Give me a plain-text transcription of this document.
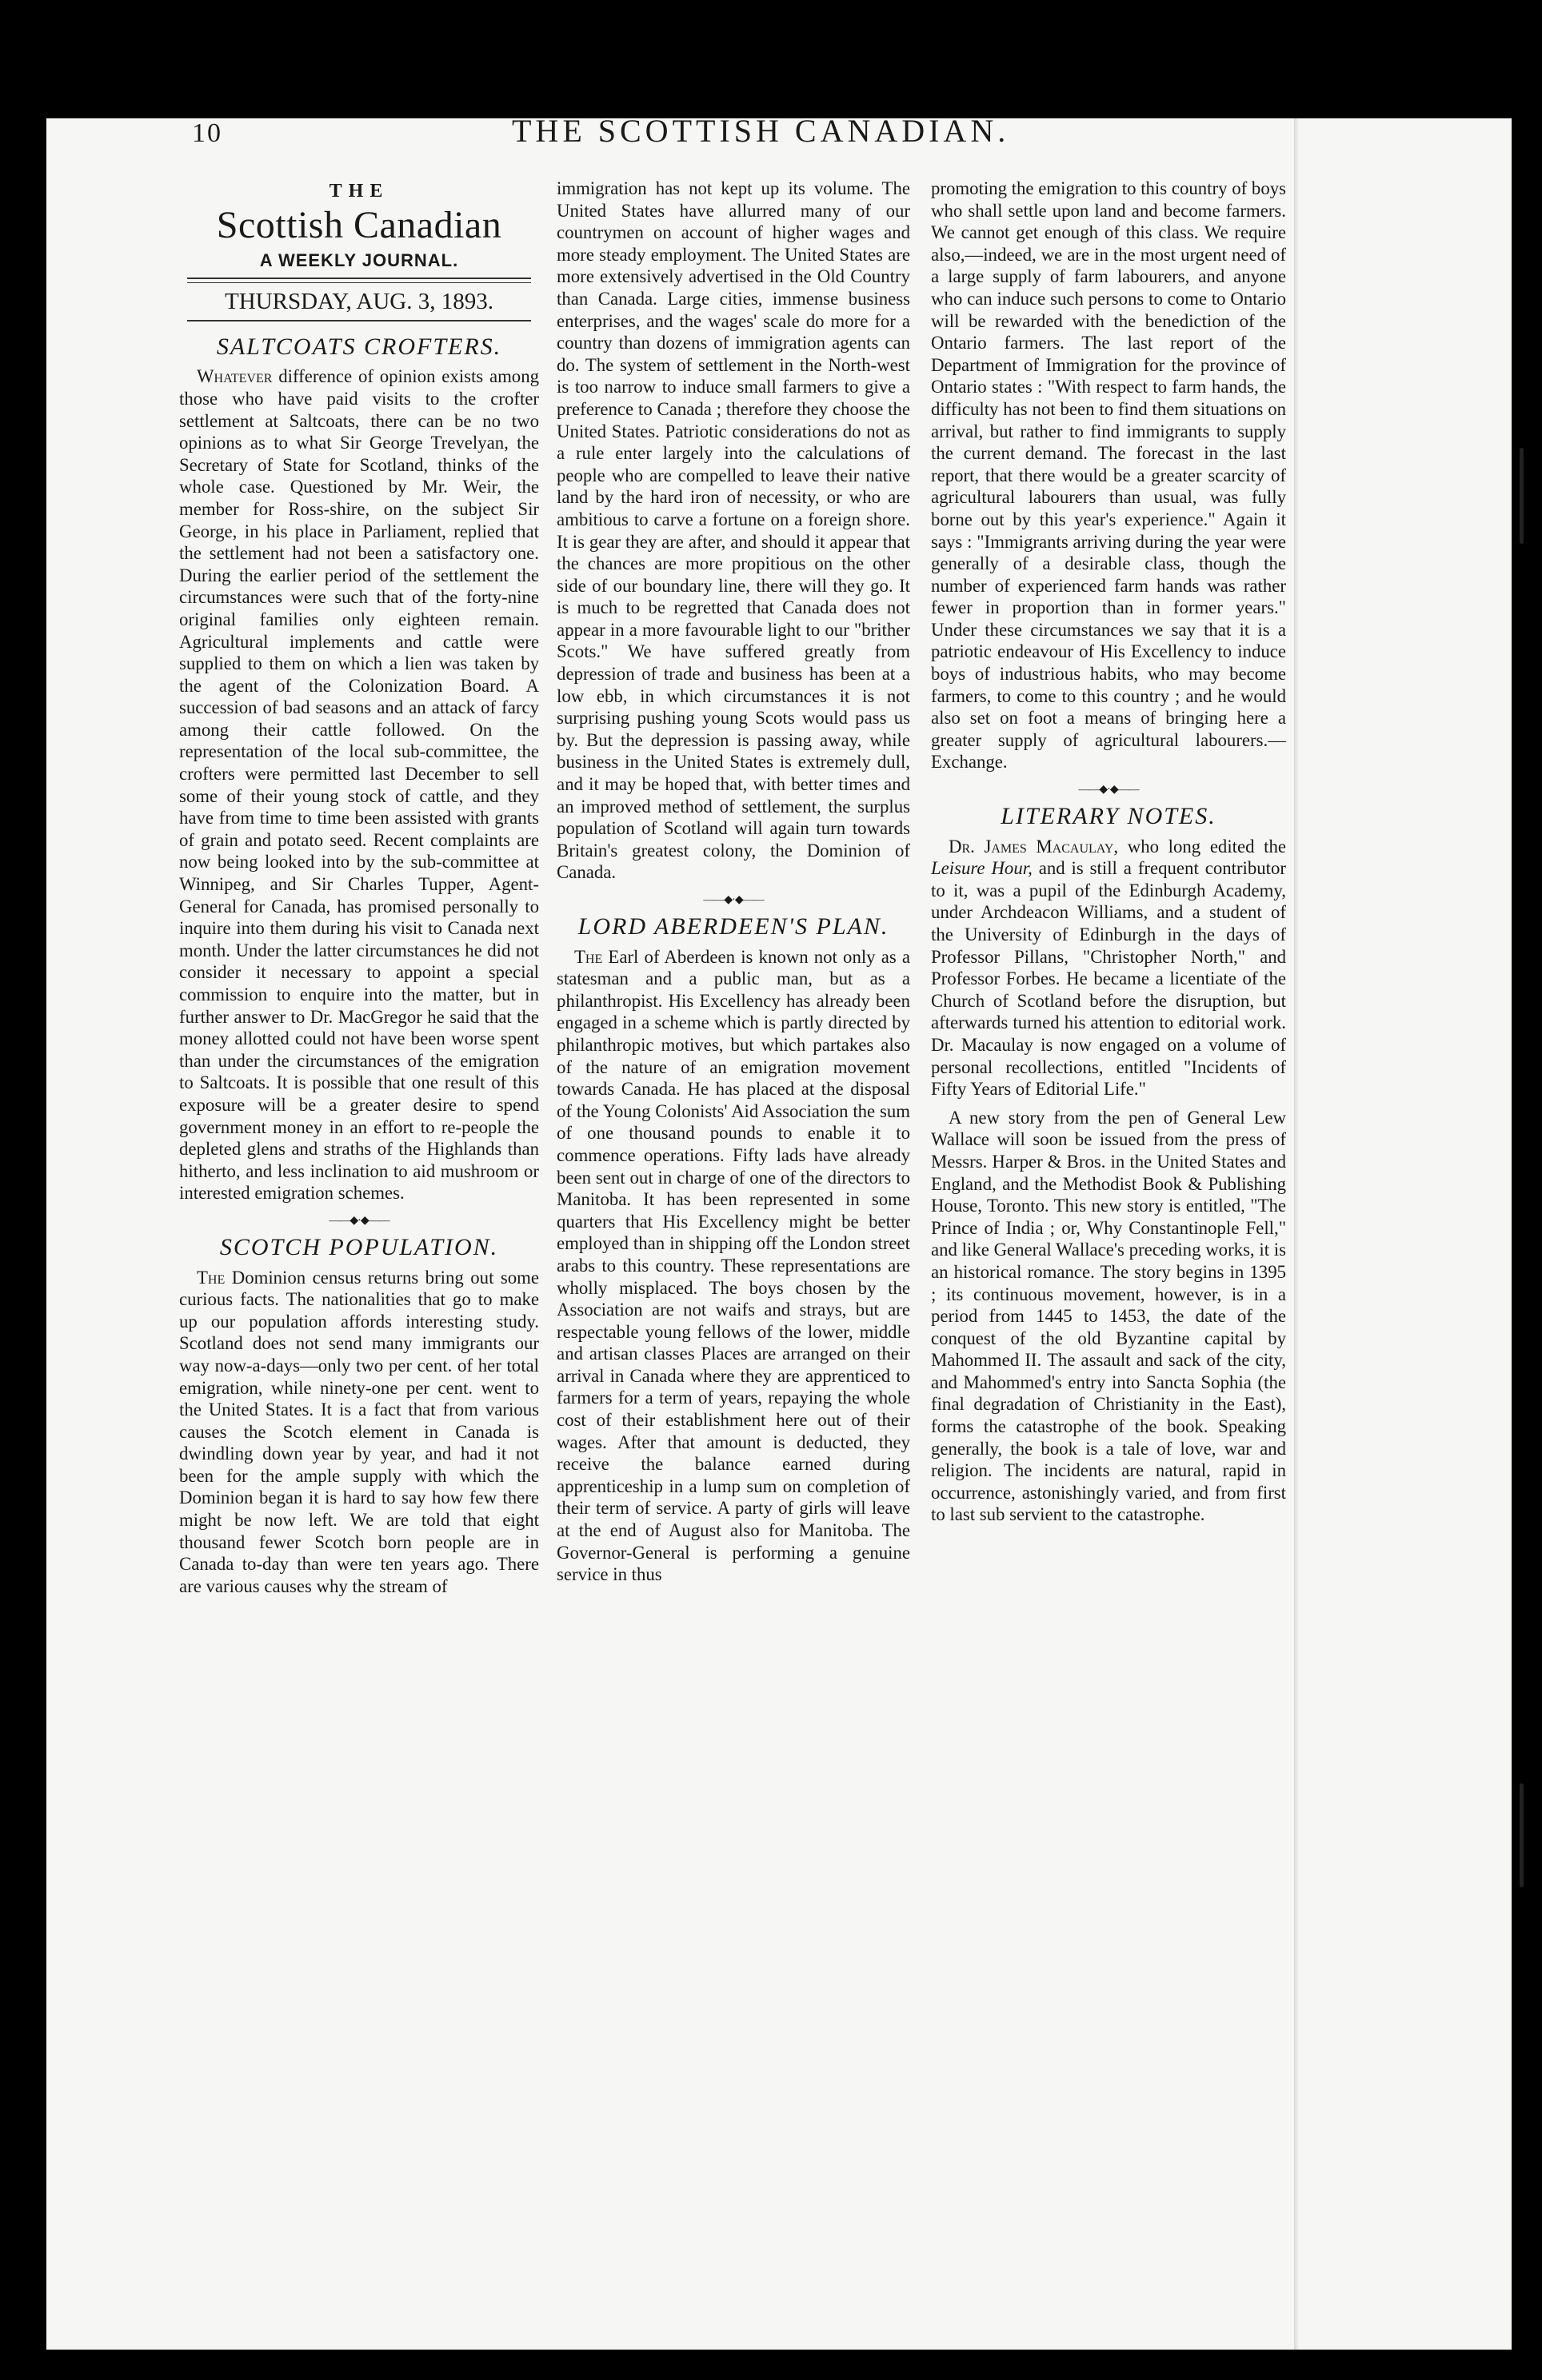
10	THE SCOTTISH CANADIAN.
THE
Scottish Canadian
A WEEKLY JOURNAL.
THURSDAY, AUG. 3, 1893.
SALTCOATS CROFTERS.

Whatever difference of opinion exists among those who have paid visits to the crofter settlement at Saltcoats, there can be no two opinions as to what Sir George Trevelyan, the Secretary of State for Scotland, thinks of the whole case. Questioned by Mr. Weir, the member for Ross-shire, on the subject Sir George, in his place in Parliament, replied that the settlement had not been a satisfactory one. During the earlier period of the settlement the circumstances were such that of the forty-nine original families only eighteen remain. Agricultural implements and cattle were supplied to them on which a lien was taken by the agent of the Colonization Board. A succession of bad seasons and an attack of farcy among their cattle followed. On the representation of the local sub-committee, the crofters were permitted last December to sell some of their young stock of cattle, and they have from time to time been assisted with grants of grain and potato seed. Recent complaints are now being looked into by the sub-committee at Winnipeg, and Sir Charles Tupper, Agent-General for Canada, has promised personally to inquire into them during his visit to Canada next month. Under the latter circumstances he did not consider it necessary to appoint a special commission to enquire into the matter, but in further answer to Dr. MacGregor he said that the money allotted could not have been worse spent than under the circumstances of the emigration to Saltcoats. It is possible that one result of this exposure will be a greater desire to spend government money in an effort to re-people the depleted glens and straths of the Highlands than hitherto, and less inclination to aid mushroom or interested emigration schemes.

——◆·◆——
SCOTCH POPULATION.

The Dominion census returns bring out some curious facts. The nationalities that go to make up our population affords interesting study. Scotland does not send many immigrants our way now-a-days—only two per cent. of her total emigration, while ninety-one per cent. went to the United States. It is a fact that from various causes the Scotch element in Canada is dwindling down year by year, and had it not been for the ample supply with which the Dominion began it is hard to say how few there might be now left. We are told that eight thousand fewer Scotch born people are in Canada to-day than were ten years ago. There are various causes why the stream of

immigration has not kept up its volume. The United States have allurred many of our countrymen on account of higher wages and more steady employment. The United States are more extensively advertised in the Old Country than Canada. Large cities, immense business enterprises, and the wages' scale do more for a country than dozens of immigration agents can do. The system of settlement in the North-west is too narrow to induce small farmers to give a preference to Canada ; therefore they choose the United States. Patriotic considerations do not as a rule enter largely into the calculations of people who are compelled to leave their native land by the hard iron of necessity, or who are ambitious to carve a fortune on a foreign shore. It is gear they are after, and should it appear that the chances are more propitious on the other side of our boundary line, there will they go. It is much to be regretted that Canada does not appear in a more favourable light to our "brither Scots." We have suffered greatly from depression of trade and business has been at a low ebb, in which circumstances it is not surprising pushing young Scots would pass us by. But the depression is passing away, while business in the United States is extremely dull, and it may be hoped that, with better times and an improved method of settlement, the surplus population of Scotland will again turn towards Britain's greatest colony, the Dominion of Canada.

——◆·◆——
LORD ABERDEEN'S PLAN.

The Earl of Aberdeen is known not only as a statesman and a public man, but as a philanthropist. His Excellency has already been engaged in a scheme which is partly directed by philanthropic motives, but which partakes also of the nature of an emigration movement towards Canada. He has placed at the disposal of the Young Colonists' Aid Association the sum of one thousand pounds to enable it to commence operations. Fifty lads have already been sent out in charge of one of the directors to Manitoba. It has been represented in some quarters that His Excellency might be better employed than in shipping off the London street arabs to this country. These representations are wholly misplaced. The boys chosen by the Association are not waifs and strays, but are respectable young fellows of the lower, middle and artisan classes Places are arranged on their arrival in Canada where they are apprenticed to farmers for a term of years, repaying the whole cost of their establishment here out of their wages. After that amount is deducted, they receive the balance earned during apprenticeship in a lump sum on completion of their term of service. A party of girls will leave at the end of August also for Manitoba. The Governor-General is performing a genuine service in thus

promoting the emigration to this country of boys who shall settle upon land and become farmers. We cannot get enough of this class. We require also,—indeed, we are in the most urgent need of a large supply of farm labourers, and anyone who can induce such persons to come to Ontario will be rewarded with the benediction of the Ontario farmers. The last report of the Department of Immigration for the province of Ontario states : "With respect to farm hands, the difficulty has not been to find them situations on arrival, but rather to find immigrants to supply the current demand. The forecast in the last report, that there would be a greater scarcity of agricultural labourers than usual, was fully borne out by this year's experience." Again it says : "Immigrants arriving during the year were generally of a desirable class, though the number of experienced farm hands was rather fewer in proportion than in former years." Under these circumstances we say that it is a patriotic endeavour of His Excellency to induce boys of industrious habits, who may become farmers, to come to this country ; and he would also set on foot a means of bringing here a greater supply of agricultural labourers.—Exchange.

——◆·◆——
LITERARY NOTES.

Dr. James Macaulay, who long edited the Leisure Hour, and is still a frequent contributor to it, was a pupil of the Edinburgh Academy, under Archdeacon Williams, and a student of the University of Edinburgh in the days of Professor Pillans, "Christopher North," and Professor Forbes. He became a licentiate of the Church of Scotland before the disruption, but afterwards turned his attention to editorial work. Dr. Macaulay is now engaged on a volume of personal recollections, entitled "Incidents of Fifty Years of Editorial Life."

A new story from the pen of General Lew Wallace will soon be issued from the press of Messrs. Harper & Bros. in the United States and England, and the Methodist Book & Publishing House, Toronto. This new story is entitled, "The Prince of India ; or, Why Constantinople Fell," and like General Wallace's preceding works, it is an historical romance. The story begins in 1395 ; its continuous movement, however, is in a period from 1445 to 1453, the date of the conquest of the old Byzantine capital by Mahommed II. The assault and sack of the city, and Mahommed's entry into Sancta Sophia (the final degradation of Christianity in the East), forms the catastrophe of the book. Speaking generally, the book is a tale of love, war and religion. The incidents are natural, rapid in occurrence, astonishingly varied, and from first to last sub servient to the catastrophe.
